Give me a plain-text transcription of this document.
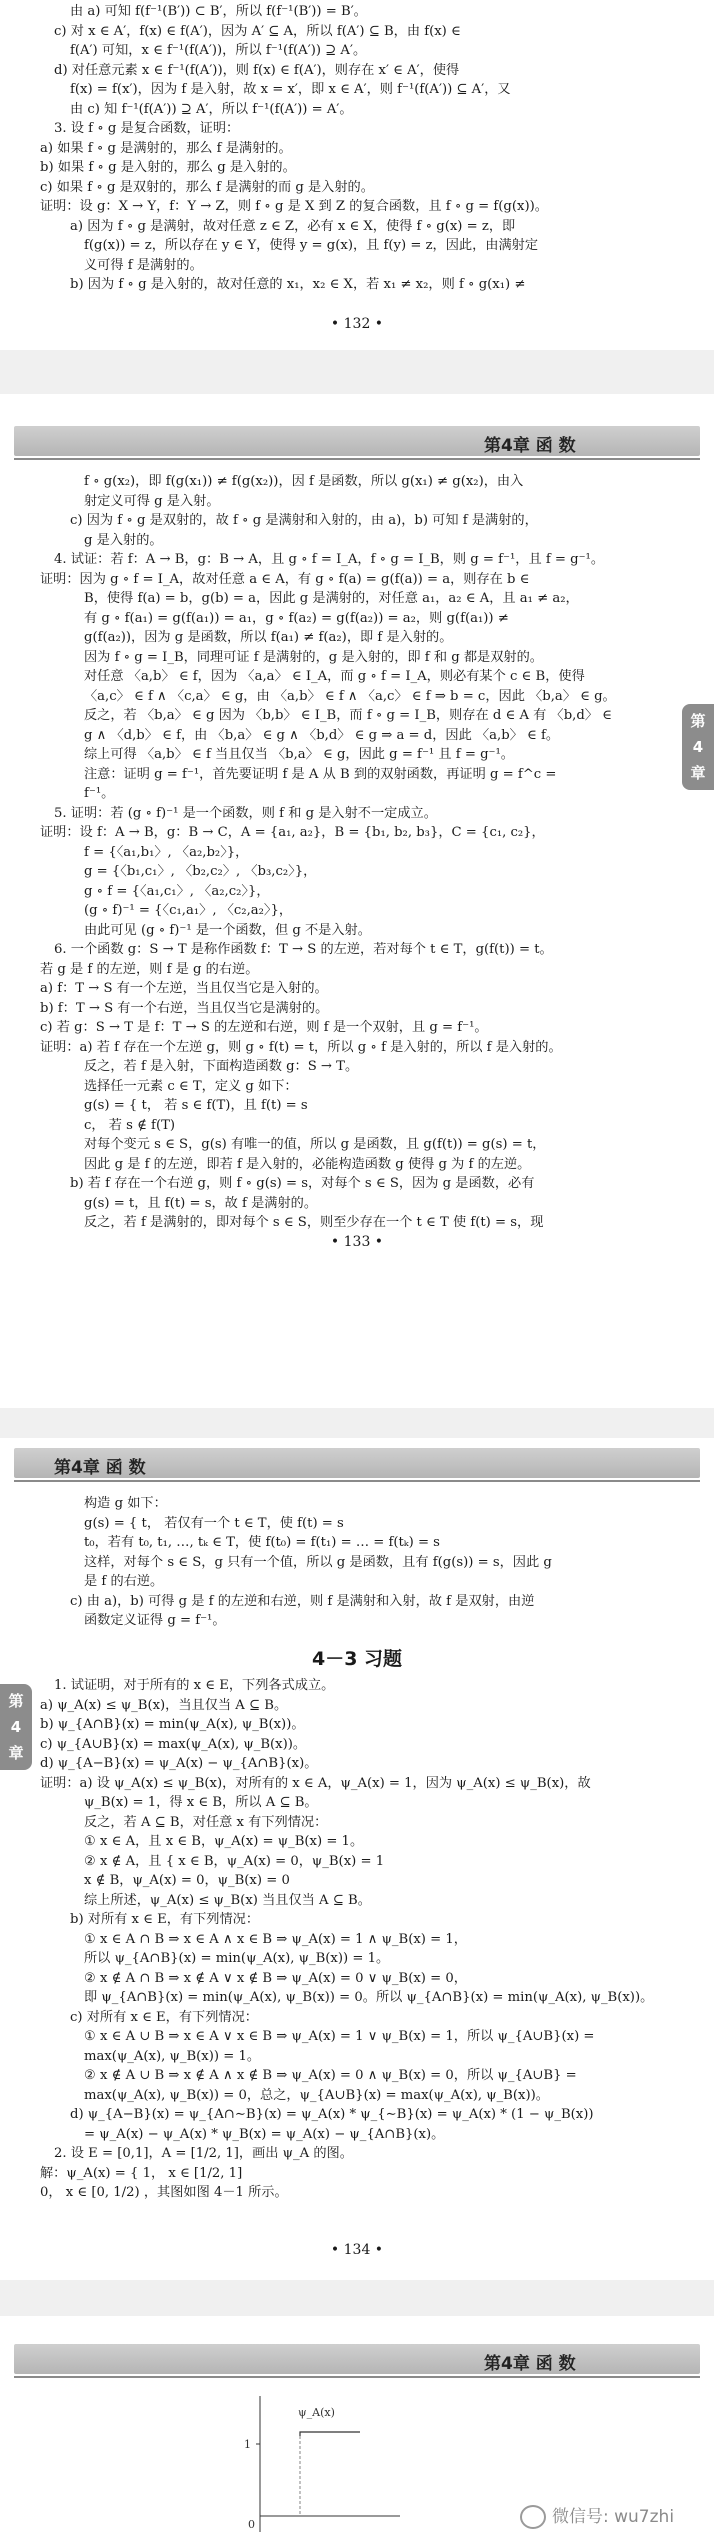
由 a) 可知 f(f⁻¹(B′)) ⊂ B′，所以 f(f⁻¹(B′)) = B′。

c) 对 x ∈ A′，f(x) ∈ f(A′)，因为 A′ ⊆ A，所以 f(A′) ⊆ B，由 f(x) ∈

f(A′) 可知，x ∈ f⁻¹(f(A′))，所以 f⁻¹(f(A′)) ⊇ A′。

d) 对任意元素 x ∈ f⁻¹(f(A′))，则 f(x) ∈ f(A′)，则存在 x′ ∈ A′，使得

f(x) = f(x′)，因为 f 是入射，故 x = x′，即 x ∈ A′，则 f⁻¹(f(A′)) ⊆ A′，又

由 c) 知 f⁻¹(f(A′)) ⊇ A′，所以 f⁻¹(f(A′)) = A′。

3. 设 f ∘ g 是复合函数，证明：

a) 如果 f ∘ g 是满射的，那么 f 是满射的。

b) 如果 f ∘ g 是入射的，那么 g 是入射的。

c) 如果 f ∘ g 是双射的，那么 f 是满射的而 g 是入射的。

证明：设 g：X → Y，f：Y → Z，则 f ∘ g 是 X 到 Z 的复合函数，且 f ∘ g = f(g(x))。

a) 因为 f ∘ g 是满射，故对任意 z ∈ Z，必有 x ∈ X，使得 f ∘ g(x) = z，即

f(g(x)) = z，所以存在 y ∈ Y，使得 y = g(x)，且 f(y) = z，因此，由满射定

义可得 f 是满射的。

b) 因为 f ∘ g 是入射的，故对任意的 x₁，x₂ ∈ X，若 x₁ ≠ x₂，则 f ∘ g(x₁) ≠

• 132 •
第4章 函 数

f ∘ g(x₂)，即 f(g(x₁)) ≠ f(g(x₂))，因 f 是函数，所以 g(x₁) ≠ g(x₂)，由入

射定义可得 g 是入射。

c) 因为 f ∘ g 是双射的，故 f ∘ g 是满射和入射的，由 a)，b) 可知 f 是满射的，

g 是入射的。

4. 试证：若 f：A → B，g：B → A，且 g ∘ f = I_A，f ∘ g = I_B，则 g = f⁻¹，且 f = g⁻¹。

证明：因为 g ∘ f = I_A，故对任意 a ∈ A，有 g ∘ f(a) = g(f(a)) = a，则存在 b ∈

B，使得 f(a) = b，g(b) = a，因此 g 是满射的，对任意 a₁，a₂ ∈ A，且 a₁ ≠ a₂，

有 g ∘ f(a₁) = g(f(a₁)) = a₁，g ∘ f(a₂) = g(f(a₂)) = a₂，则 g(f(a₁)) ≠

g(f(a₂))，因为 g 是函数，所以 f(a₁) ≠ f(a₂)，即 f 是入射的。

因为 f ∘ g = I_B，同理可证 f 是满射的，g 是入射的，即 f 和 g 都是双射的。

对任意 〈a,b〉 ∈ f，因为 〈a,a〉 ∈ I_A，而 g ∘ f = I_A，则必有某个 c ∈ B，使得

〈a,c〉 ∈ f ∧ 〈c,a〉 ∈ g，由 〈a,b〉 ∈ f ∧ 〈a,c〉 ∈ f ⇒ b = c，因此 〈b,a〉 ∈ g。

反之，若 〈b,a〉 ∈ g 因为 〈b,b〉 ∈ I_B，而 f ∘ g = I_B，则存在 d ∈ A 有 〈b,d〉 ∈

g ∧ 〈d,b〉 ∈ f，由 〈b,a〉 ∈ g ∧ 〈b,d〉 ∈ g ⇒ a = d，因此 〈a,b〉 ∈ f。

综上可得 〈a,b〉 ∈ f 当且仅当 〈b,a〉 ∈ g，因此 g = f⁻¹ 且 f = g⁻¹。

注意：证明 g = f⁻¹，首先要证明 f 是 A 从 B 到的双射函数，再证明 g = f^c =

f⁻¹。

5. 证明：若 (g ∘ f)⁻¹ 是一个函数，则 f 和 g 是入射不一定成立。

证明：设 f：A → B，g：B → C，A = {a₁, a₂}，B = {b₁, b₂, b₃}，C = {c₁, c₂}，

f = {〈a₁,b₁〉, 〈a₂,b₂〉}，

g = {〈b₁,c₁〉, 〈b₂,c₂〉, 〈b₃,c₂〉}，

g ∘ f = {〈a₁,c₁〉, 〈a₂,c₂〉}，

(g ∘ f)⁻¹ = {〈c₁,a₁〉, 〈c₂,a₂〉}，

由此可见 (g ∘ f)⁻¹ 是一个函数，但 g 不是入射。

6. 一个函数 g：S → T 是称作函数 f：T → S 的左逆，若对每个 t ∈ T，g(f(t)) = t。

若 g 是 f 的左逆，则 f 是 g 的右逆。

a) f：T → S 有一个左逆，当且仅当它是入射的。

b) f：T → S 有一个右逆，当且仅当它是满射的。

c) 若 g：S → T 是 f：T → S 的左逆和右逆，则 f 是一个双射，且 g = f⁻¹。

证明：a) 若 f 存在一个左逆 g，则 g ∘ f(t) = t，所以 g ∘ f 是入射的，所以 f 是入射的。

反之，若 f 是入射，下面构造函数 g：S → T。

选择任一元素 c ∈ T，定义 g 如下：

g(s) = { t， 若 s ∈ f(T)，且 f(t) = s

c， 若 s ∉ f(T)

对每个变元 s ∈ S，g(s) 有唯一的值，所以 g 是函数，且 g(f(t)) = g(s) = t，

因此 g 是 f 的左逆，即若 f 是入射的，必能构造函数 g 使得 g 为 f 的左逆。

b) 若 f 存在一个右逆 g，则 f ∘ g(s) = s，对每个 s ∈ S，因为 g 是函数，必有

g(s) = t，且 f(t) = s，故 f 是满射的。

反之，若 f 是满射的，即对每个 s ∈ S，则至少存在一个 t ∈ T 使 f(t) = s，现

第
4
章
• 133 •
第4章 函 数

构造 g 如下：

g(s) = { t， 若仅有一个 t ∈ T，使 f(t) = s

t₀，若有 t₀, t₁, …, tₖ ∈ T，使 f(t₀) = f(t₁) = … = f(tₖ) = s

这样，对每个 s ∈ S，g 只有一个值，所以 g 是函数，且有 f(g(s)) = s，因此 g

是 f 的右逆。

c) 由 a)，b) 可得 g 是 f 的左逆和右逆，则 f 是满射和入射，故 f 是双射，由逆

函数定义证得 g = f⁻¹。

4－3 习题

1. 试证明，对于所有的 x ∈ E，下列各式成立。

a) ψ_A(x) ≤ ψ_B(x)，当且仅当 A ⊆ B。

b) ψ_{A∩B}(x) = min(ψ_A(x), ψ_B(x))。

c) ψ_{A∪B}(x) = max(ψ_A(x), ψ_B(x))。

d) ψ_{A−B}(x) = ψ_A(x) − ψ_{A∩B}(x)。

证明：a) 设 ψ_A(x) ≤ ψ_B(x)，对所有的 x ∈ A，ψ_A(x) = 1，因为 ψ_A(x) ≤ ψ_B(x)，故

ψ_B(x) = 1，得 x ∈ B，所以 A ⊆ B。

反之，若 A ⊆ B，对任意 x 有下列情况：

① x ∈ A，且 x ∈ B，ψ_A(x) = ψ_B(x) = 1。

② x ∉ A，且 { x ∈ B，ψ_A(x) = 0，ψ_B(x) = 1

x ∉ B，ψ_A(x) = 0，ψ_B(x) = 0

综上所述，ψ_A(x) ≤ ψ_B(x) 当且仅当 A ⊆ B。

b) 对所有 x ∈ E，有下列情况：

① x ∈ A ∩ B ⇒ x ∈ A ∧ x ∈ B ⇒ ψ_A(x) = 1 ∧ ψ_B(x) = 1，

所以 ψ_{A∩B}(x) = min(ψ_A(x), ψ_B(x)) = 1。

② x ∉ A ∩ B ⇒ x ∉ A ∨ x ∉ B ⇒ ψ_A(x) = 0 ∨ ψ_B(x) = 0，

即 ψ_{A∩B}(x) = min(ψ_A(x), ψ_B(x)) = 0。所以 ψ_{A∩B}(x) = min(ψ_A(x), ψ_B(x))。

c) 对所有 x ∈ E，有下列情况：

① x ∈ A ∪ B ⇒ x ∈ A ∨ x ∈ B ⇒ ψ_A(x) = 1 ∨ ψ_B(x) = 1，所以 ψ_{A∪B}(x) =

max(ψ_A(x), ψ_B(x)) = 1。

② x ∉ A ∪ B ⇒ x ∉ A ∧ x ∉ B ⇒ ψ_A(x) = 0 ∧ ψ_B(x) = 0，所以 ψ_{A∪B} =

max(ψ_A(x), ψ_B(x)) = 0，总之，ψ_{A∪B}(x) = max(ψ_A(x), ψ_B(x))。

d) ψ_{A−B}(x) = ψ_{A∩∼B}(x) = ψ_A(x) * ψ_{∼B}(x) = ψ_A(x) * (1 − ψ_B(x))

= ψ_A(x) − ψ_A(x) * ψ_B(x) = ψ_A(x) − ψ_{A∩B}(x)。

2. 设 E = [0,1]，A = [1/2, 1]，画出 ψ_A 的图。

解：ψ_A(x) = { 1， x ∈ [1/2, 1]

0， x ∈ [0, 1/2) ，其图如图 4－1 所示。

第
4
章
• 134 •
第4章 函 数
ψ_A(x)
1
0	微信号: wu7zhi
